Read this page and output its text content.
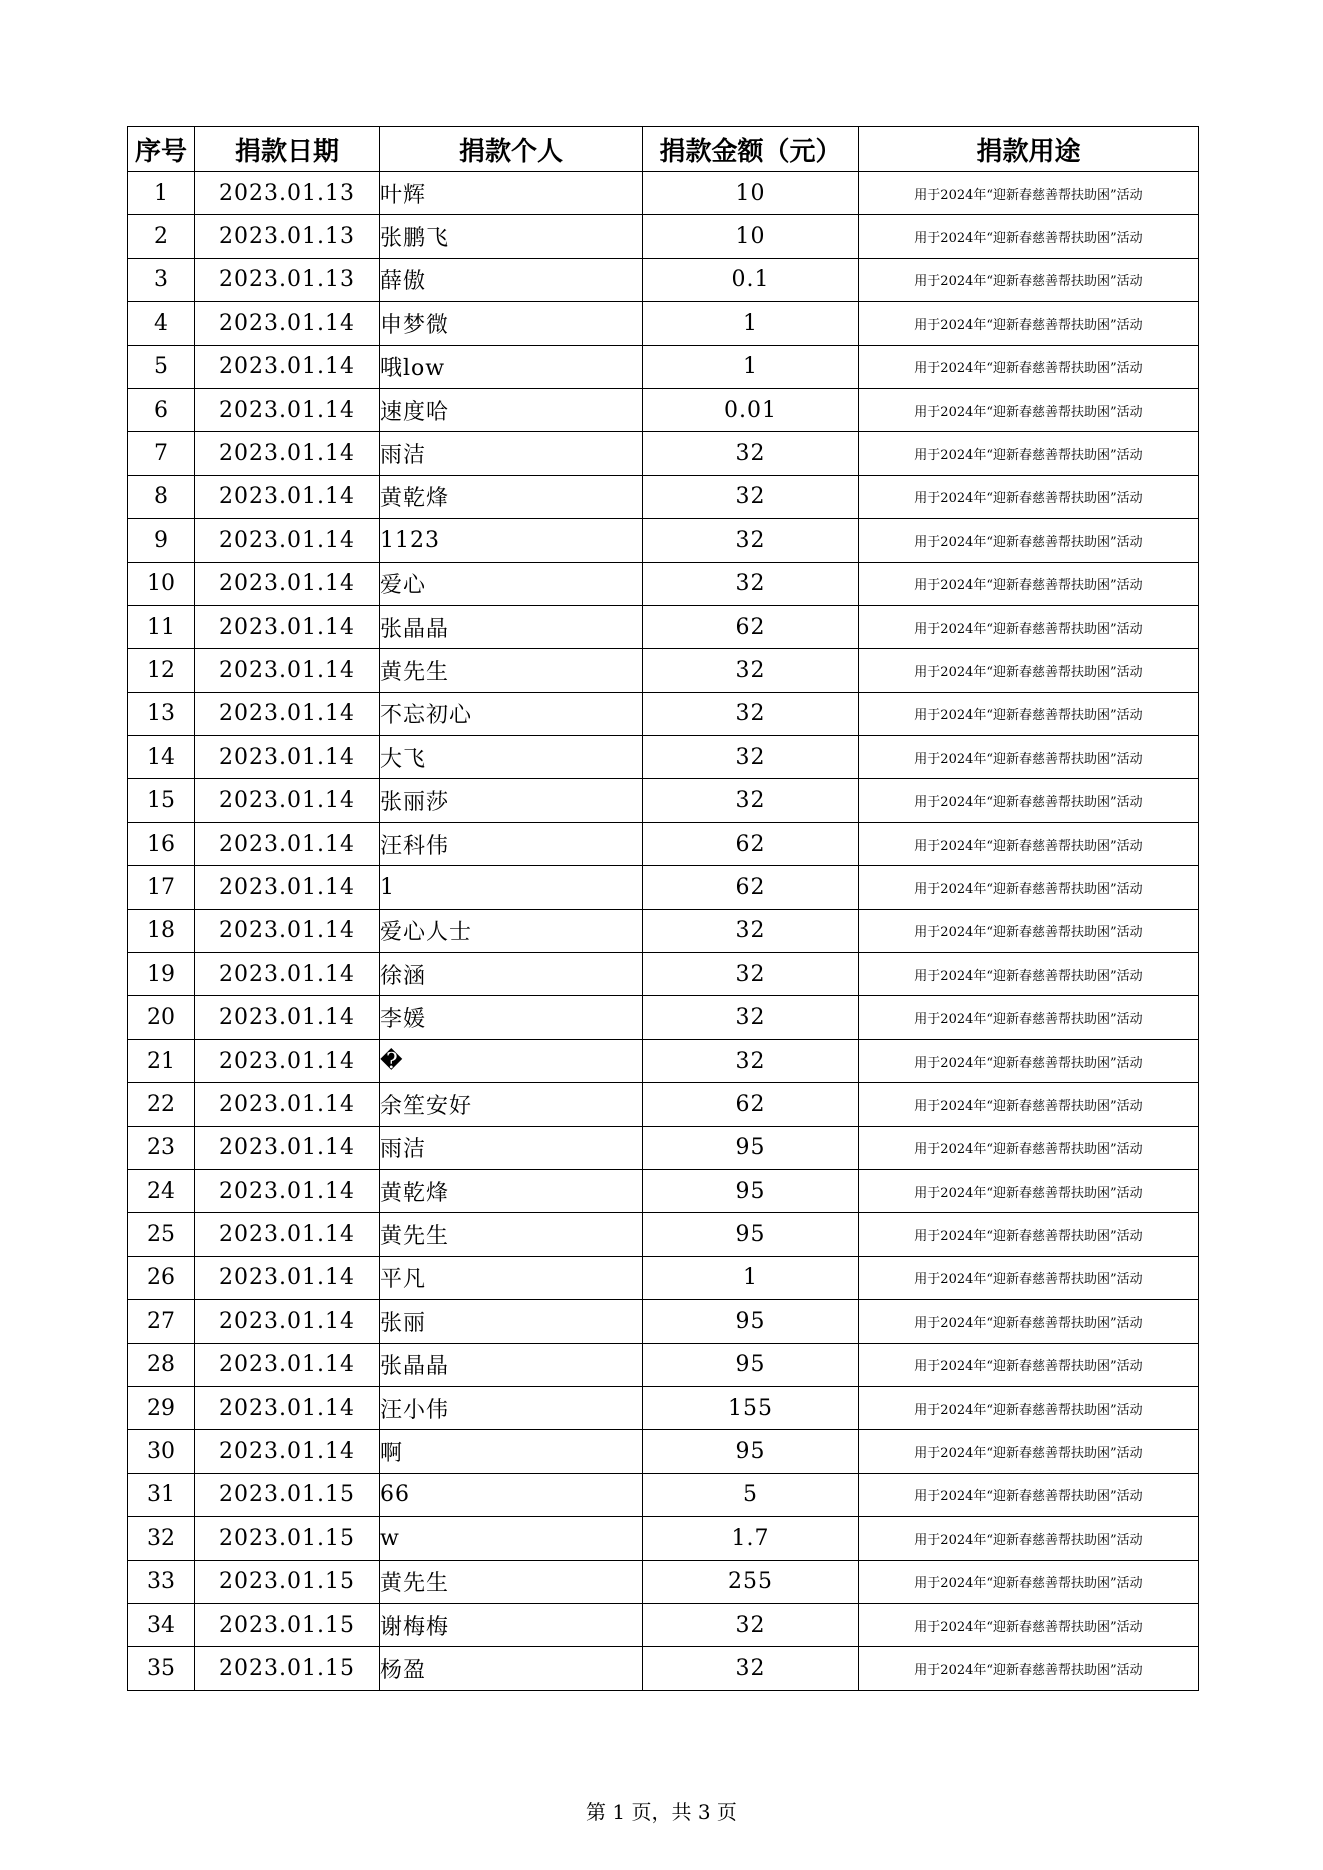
序号	捐款日期	捐款个人	捐款金额（元）	捐款用途
1	2023.01.13	叶辉	10	用于2024年“迎新春慈善帮扶助困”活动
2	2023.01.13	张鹏飞	10	用于2024年“迎新春慈善帮扶助困”活动
3	2023.01.13	薛傲	0.1	用于2024年“迎新春慈善帮扶助困”活动
4	2023.01.14	申梦微	1	用于2024年“迎新春慈善帮扶助困”活动
5	2023.01.14	哦low	1	用于2024年“迎新春慈善帮扶助困”活动
6	2023.01.14	速度哈	0.01	用于2024年“迎新春慈善帮扶助困”活动
7	2023.01.14	雨洁	32	用于2024年“迎新春慈善帮扶助困”活动
8	2023.01.14	黄乾烽	32	用于2024年“迎新春慈善帮扶助困”活动
9	2023.01.14	1123	32	用于2024年“迎新春慈善帮扶助困”活动
10	2023.01.14	爱心	32	用于2024年“迎新春慈善帮扶助困”活动
11	2023.01.14	张晶晶	62	用于2024年“迎新春慈善帮扶助困”活动
12	2023.01.14	黄先生	32	用于2024年“迎新春慈善帮扶助困”活动
13	2023.01.14	不忘初心	32	用于2024年“迎新春慈善帮扶助困”活动
14	2023.01.14	大飞	32	用于2024年“迎新春慈善帮扶助困”活动
15	2023.01.14	张丽莎	32	用于2024年“迎新春慈善帮扶助困”活动
16	2023.01.14	汪科伟	62	用于2024年“迎新春慈善帮扶助困”活动
17	2023.01.14	1	62	用于2024年“迎新春慈善帮扶助困”活动
18	2023.01.14	爱心人士	32	用于2024年“迎新春慈善帮扶助困”活动
19	2023.01.14	徐涵	32	用于2024年“迎新春慈善帮扶助困”活动
20	2023.01.14	李媛	32	用于2024年“迎新春慈善帮扶助困”活动
21	2023.01.14	�	32	用于2024年“迎新春慈善帮扶助困”活动
22	2023.01.14	余笙安好	62	用于2024年“迎新春慈善帮扶助困”活动
23	2023.01.14	雨洁	95	用于2024年“迎新春慈善帮扶助困”活动
24	2023.01.14	黄乾烽	95	用于2024年“迎新春慈善帮扶助困”活动
25	2023.01.14	黄先生	95	用于2024年“迎新春慈善帮扶助困”活动
26	2023.01.14	平凡	1	用于2024年“迎新春慈善帮扶助困”活动
27	2023.01.14	张丽	95	用于2024年“迎新春慈善帮扶助困”活动
28	2023.01.14	张晶晶	95	用于2024年“迎新春慈善帮扶助困”活动
29	2023.01.14	汪小伟	155	用于2024年“迎新春慈善帮扶助困”活动
30	2023.01.14	啊	95	用于2024年“迎新春慈善帮扶助困”活动
31	2023.01.15	66	5	用于2024年“迎新春慈善帮扶助困”活动
32	2023.01.15	w	1.7	用于2024年“迎新春慈善帮扶助困”活动
33	2023.01.15	黄先生	255	用于2024年“迎新春慈善帮扶助困”活动
34	2023.01.15	谢梅梅	32	用于2024年“迎新春慈善帮扶助困”活动
35	2023.01.15	杨盈	32	用于2024年“迎新春慈善帮扶助困”活动
第 1 页，共 3 页
